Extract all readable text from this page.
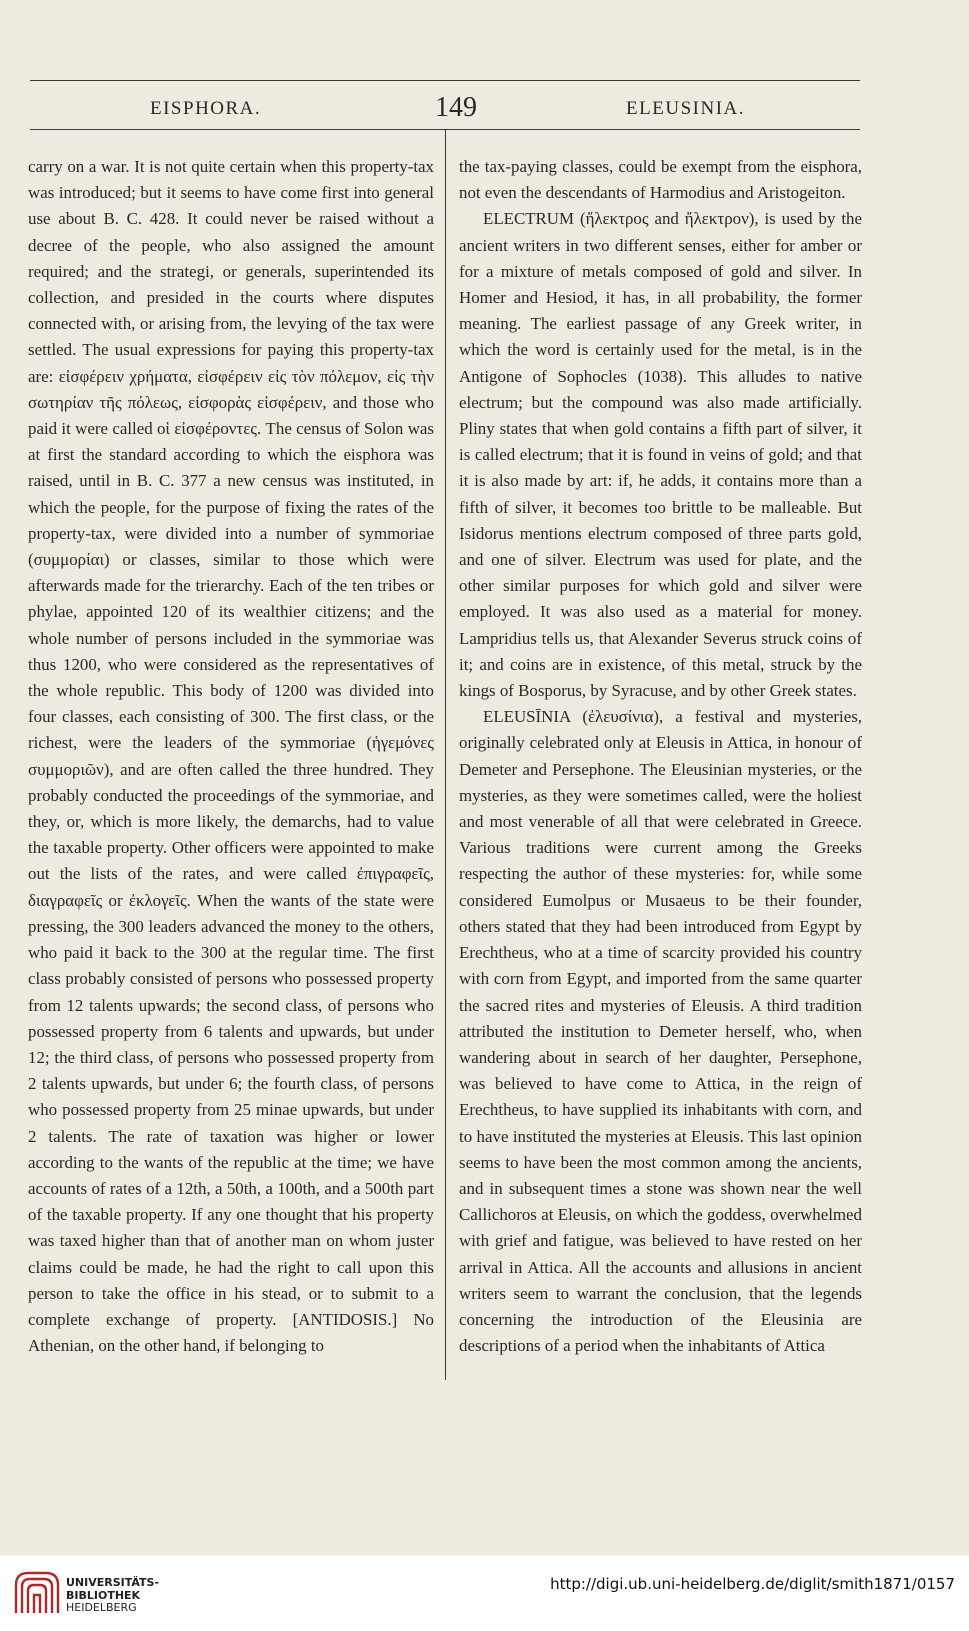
EISPHORA.	149	ELEUSINIA.

carry on a war. It is not quite certain when this property-tax was introduced; but it seems to have come first into general use about B. C. 428. It could never be raised without a decree of the people, who also assigned the amount required; and the strategi, or generals, superintended its collection, and presided in the courts where disputes connected with, or arising from, the levying of the tax were settled. The usual expressions for paying this property-tax are: εἰσφέρειν χρήματα, εἰσφέρειν εἰς τὸν πόλεμον, εἰς τὴν σωτηρίαν τῆς πόλεως, εἰσφορὰς εἰσφέρειν, and those who paid it were called οἱ εἰσφέροντες. The census of Solon was at first the standard according to which the eisphora was raised, until in B. C. 377 a new census was instituted, in which the people, for the purpose of fixing the rates of the property-tax, were divided into a number of symmoriae (συμμορίαι) or classes, similar to those which were afterwards made for the trierarchy. Each of the ten tribes or phylae, appointed 120 of its wealthier citizens; and the whole number of persons included in the symmoriae was thus 1200, who were considered as the representatives of the whole republic. This body of 1200 was divided into four classes, each consisting of 300. The first class, or the richest, were the leaders of the symmoriae (ἡγεμόνες συμμοριῶν), and are often called the three hundred. They probably conducted the proceedings of the symmoriae, and they, or, which is more likely, the demarchs, had to value the taxable property. Other officers were appointed to make out the lists of the rates, and were called ἐπιγραφεῖς, διαγραφεῖς or ἐκλογεῖς. When the wants of the state were pressing, the 300 leaders advanced the money to the others, who paid it back to the 300 at the regular time. The first class probably consisted of persons who possessed property from 12 talents upwards; the second class, of persons who possessed property from 6 talents and upwards, but under 12; the third class, of persons who possessed property from 2 talents upwards, but under 6; the fourth class, of persons who possessed property from 25 minae upwards, but under 2 talents. The rate of taxation was higher or lower according to the wants of the republic at the time; we have accounts of rates of a 12th, a 50th, a 100th, and a 500th part of the taxable property. If any one thought that his property was taxed higher than that of another man on whom juster claims could be made, he had the right to call upon this person to take the office in his stead, or to submit to a complete exchange of property. [ANTIDOSIS.] No Athenian, on the other hand, if belonging to

the tax-paying classes, could be exempt from the eisphora, not even the descendants of Harmodius and Aristogeiton.

ELECTRUM (ἤλεκτρος and ἤλεκτρον), is used by the ancient writers in two different senses, either for amber or for a mixture of metals composed of gold and silver. In Homer and Hesiod, it has, in all probability, the former meaning. The earliest passage of any Greek writer, in which the word is certainly used for the metal, is in the Antigone of Sophocles (1038). This alludes to native electrum; but the compound was also made artificially. Pliny states that when gold contains a fifth part of silver, it is called electrum; that it is found in veins of gold; and that it is also made by art: if, he adds, it contains more than a fifth of silver, it becomes too brittle to be malleable. But Isidorus mentions electrum composed of three parts gold, and one of silver. Electrum was used for plate, and the other similar purposes for which gold and silver were employed. It was also used as a material for money. Lampridius tells us, that Alexander Severus struck coins of it; and coins are in existence, of this metal, struck by the kings of Bosporus, by Syracuse, and by other Greek states.

ELEUSĪNIA (ἐλευσίνια), a festival and mysteries, originally celebrated only at Eleusis in Attica, in honour of Demeter and Persephone. The Eleusinian mysteries, or the mysteries, as they were sometimes called, were the holiest and most venerable of all that were celebrated in Greece. Various traditions were current among the Greeks respecting the author of these mysteries: for, while some considered Eumolpus or Musaeus to be their founder, others stated that they had been introduced from Egypt by Erechtheus, who at a time of scarcity provided his country with corn from Egypt, and imported from the same quarter the sacred rites and mysteries of Eleusis. A third tradition attributed the institution to Demeter herself, who, when wandering about in search of her daughter, Persephone, was believed to have come to Attica, in the reign of Erechtheus, to have supplied its inhabitants with corn, and to have instituted the mysteries at Eleusis. This last opinion seems to have been the most common among the ancients, and in subsequent times a stone was shown near the well Callichoros at Eleusis, on which the goddess, overwhelmed with grief and fatigue, was believed to have rested on her arrival in Attica. All the accounts and allusions in ancient writers seem to warrant the conclusion, that the legends concerning the introduction of the Eleusinia are descriptions of a period when the inhabitants of Attica

UNIVERSITÄTS-
BIBLIOTHEK
HEIDELBERG
http://digi.ub.uni-heidelberg.de/diglit/smith1871/0157
